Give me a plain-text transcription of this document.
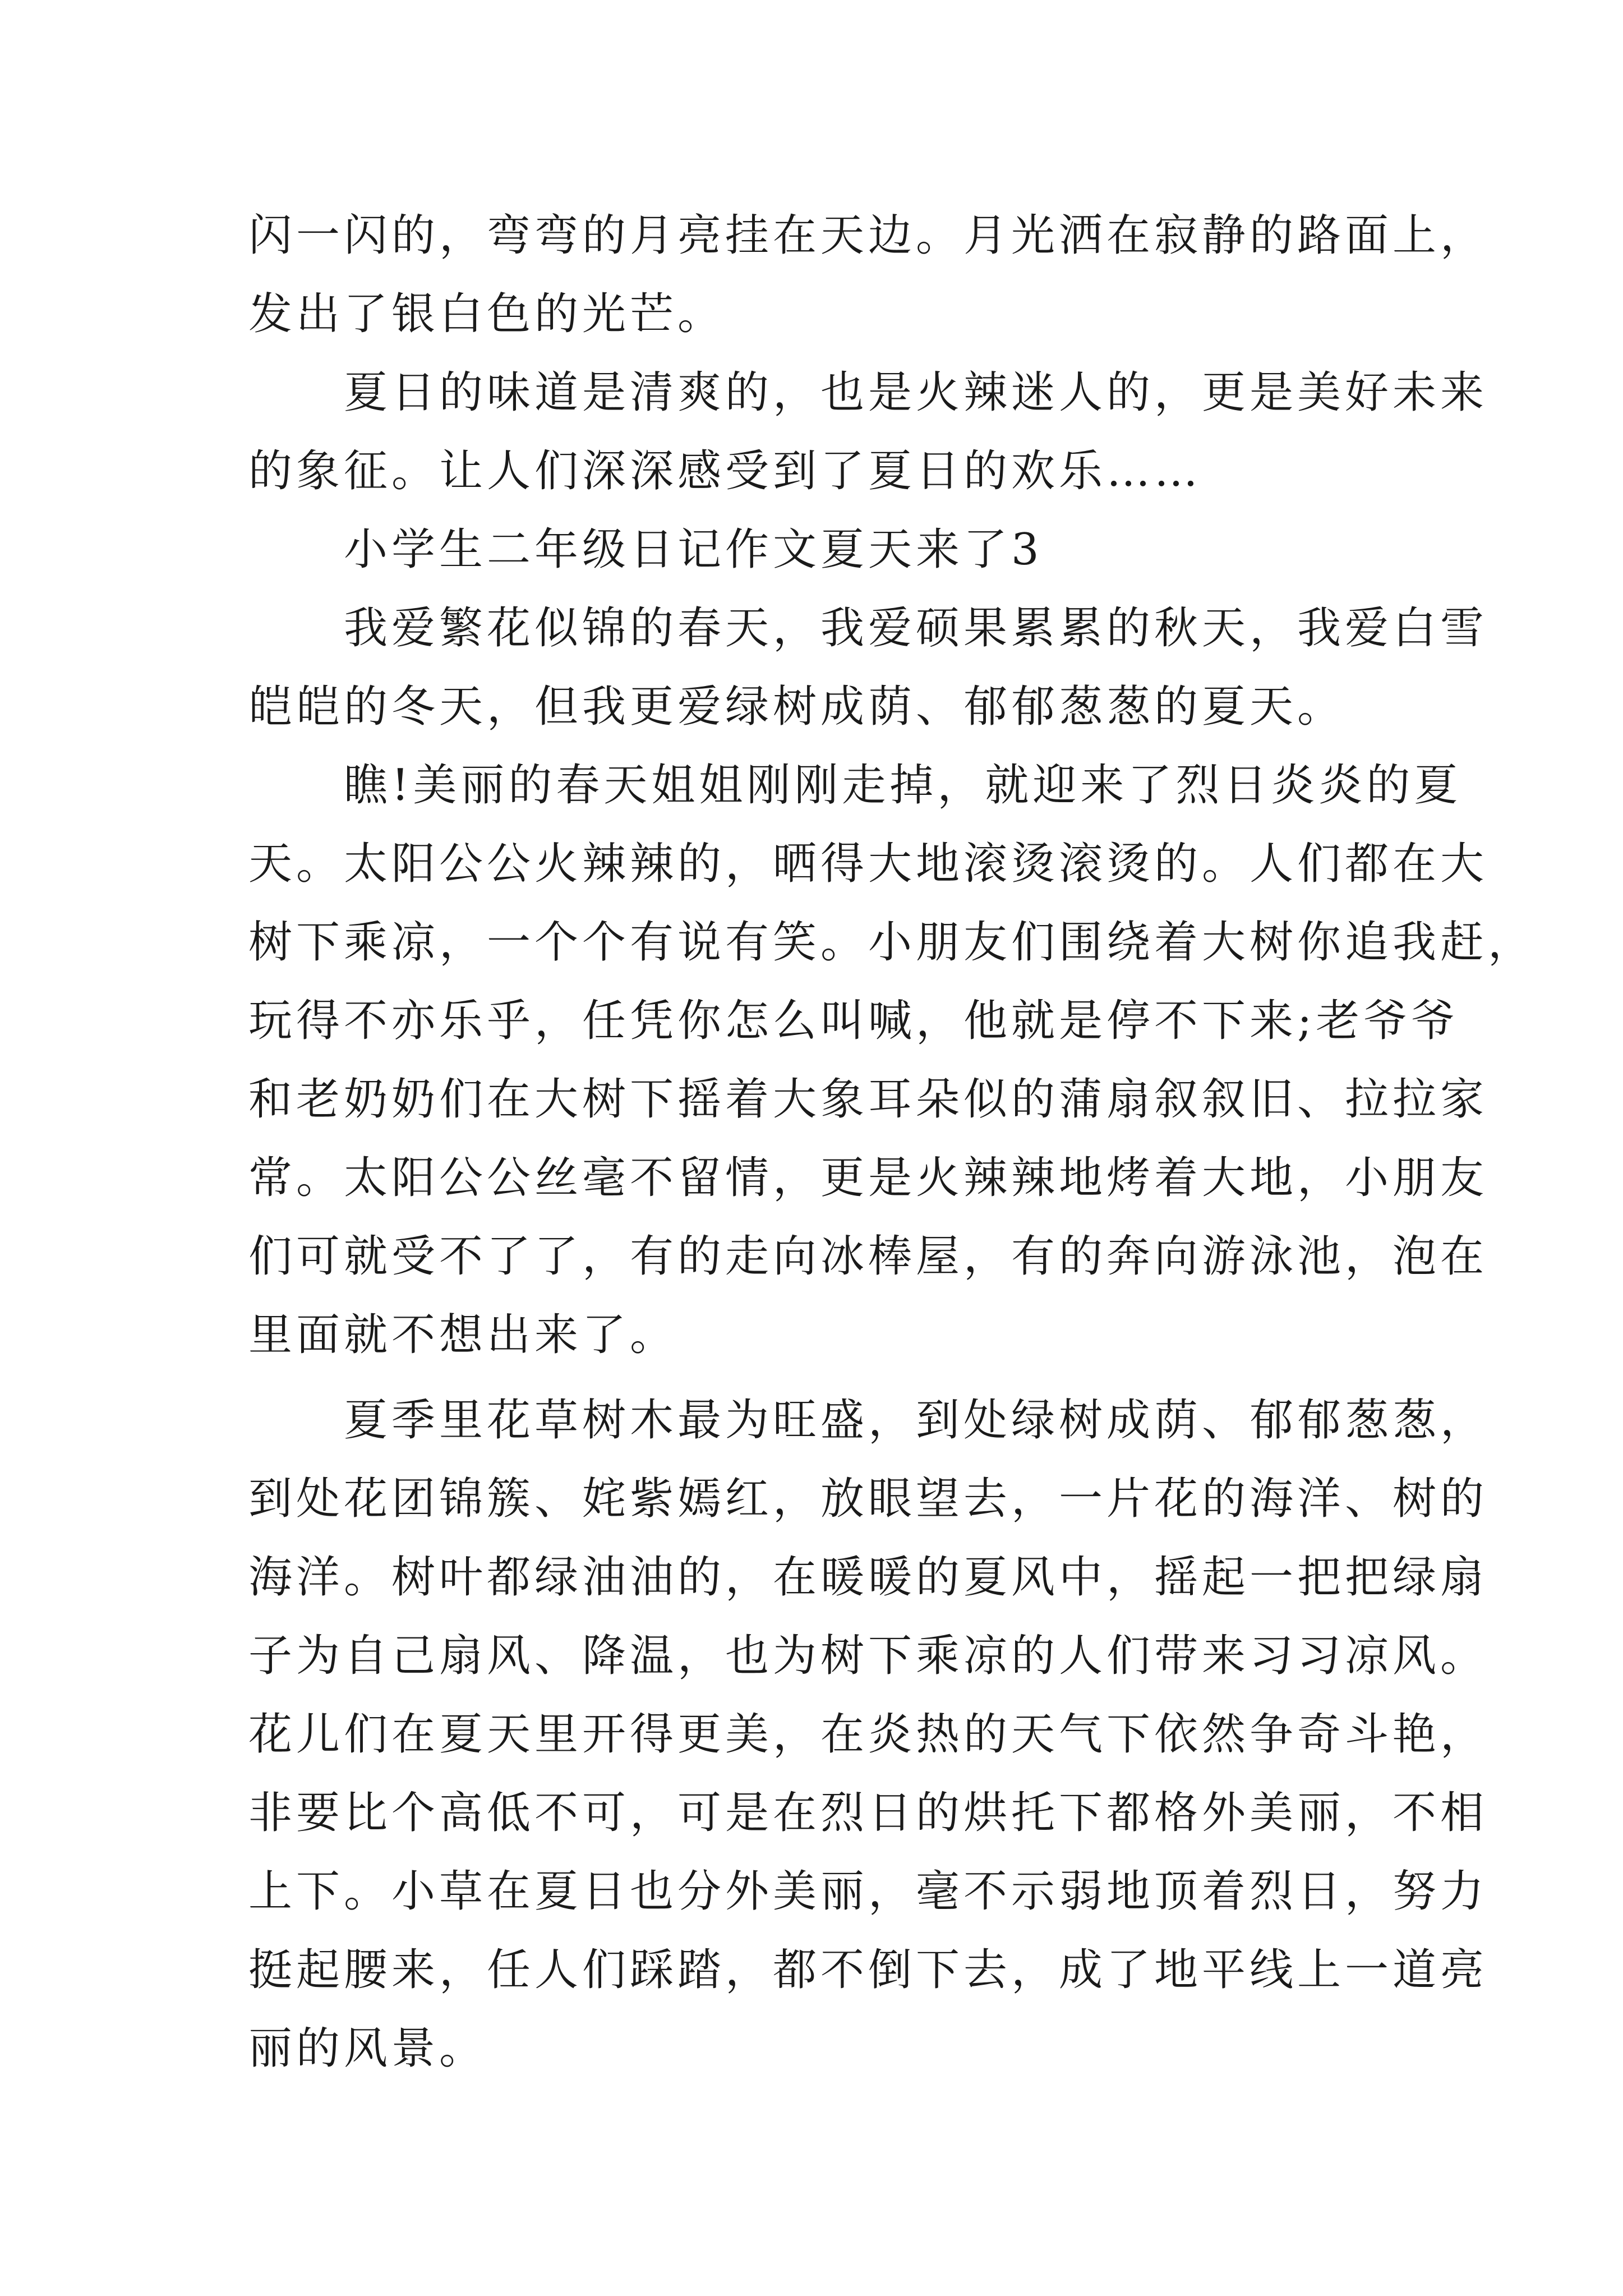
闪一闪的，弯弯的月亮挂在天边。月光洒在寂静的路面上，
发出了银白色的光芒。
夏日的味道是清爽的，也是火辣迷人的，更是美好未来
的象征。让人们深深感受到了夏日的欢乐……
小学生二年级日记作文夏天来了3
我爱繁花似锦的春天，我爱硕果累累的秋天，我爱白雪
皑皑的冬天，但我更爱绿树成荫、郁郁葱葱的夏天。
瞧!美丽的春天姐姐刚刚走掉，就迎来了烈日炎炎的夏
天。太阳公公火辣辣的，晒得大地滚烫滚烫的。人们都在大
树下乘凉，一个个有说有笑。小朋友们围绕着大树你追我赶，
玩得不亦乐乎，任凭你怎么叫喊，他就是停不下来;老爷爷
和老奶奶们在大树下摇着大象耳朵似的蒲扇叙叙旧、拉拉家
常。太阳公公丝毫不留情，更是火辣辣地烤着大地，小朋友
们可就受不了了，有的走向冰棒屋，有的奔向游泳池，泡在
里面就不想出来了。
夏季里花草树木最为旺盛，到处绿树成荫、郁郁葱葱，
到处花团锦簇、姹紫嫣红，放眼望去，一片花的海洋、树的
海洋。树叶都绿油油的，在暖暖的夏风中，摇起一把把绿扇
子为自己扇风、降温，也为树下乘凉的人们带来习习凉风。
花儿们在夏天里开得更美，在炎热的天气下依然争奇斗艳，
非要比个高低不可，可是在烈日的烘托下都格外美丽，不相
上下。小草在夏日也分外美丽，毫不示弱地顶着烈日，努力
挺起腰来，任人们踩踏，都不倒下去，成了地平线上一道亮
丽的风景。
